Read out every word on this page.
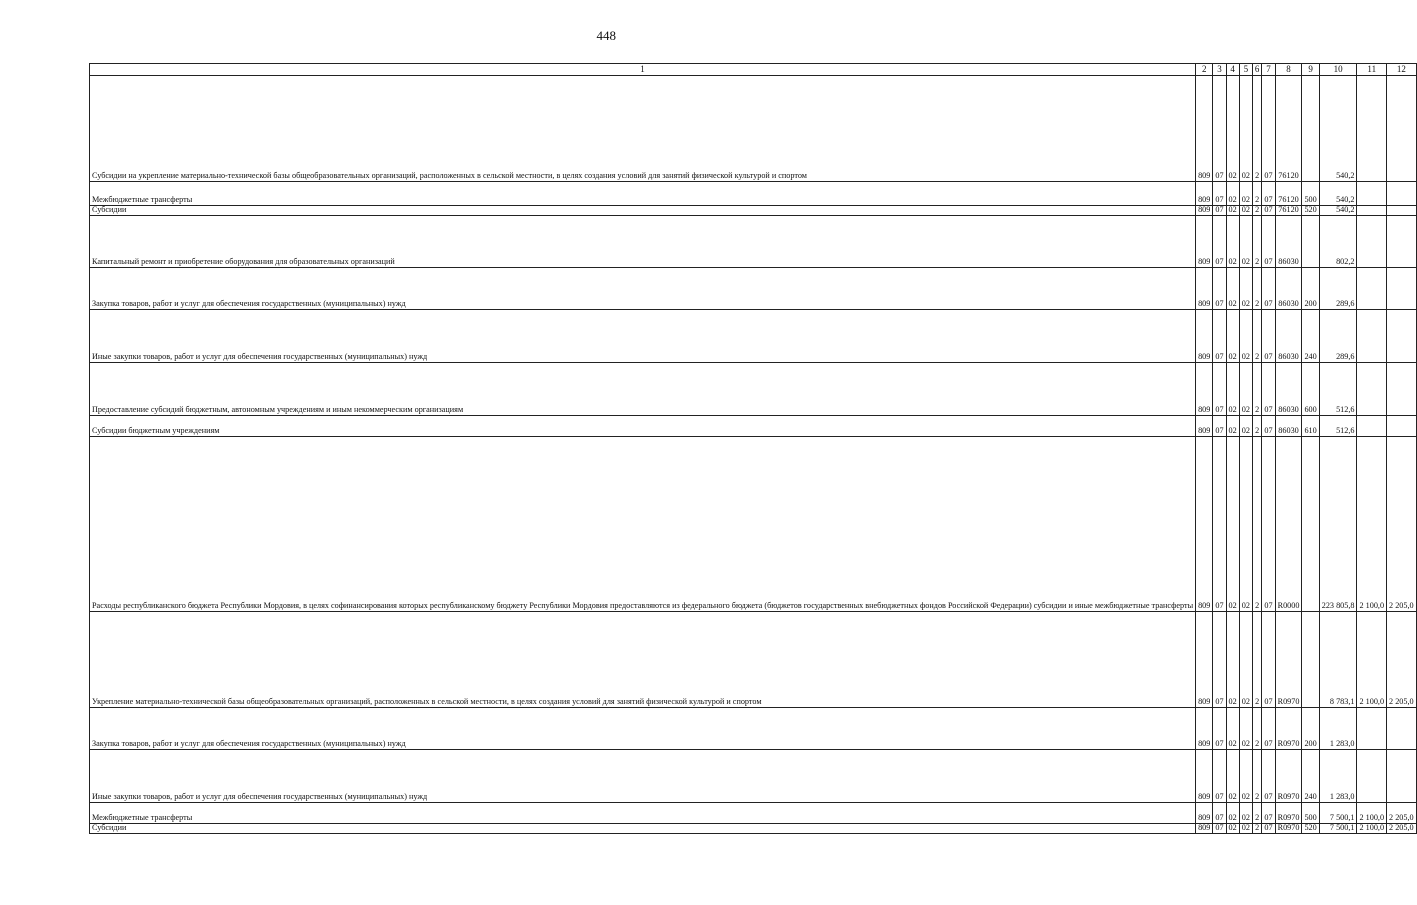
448
1	2	3	4	5	6	7	8	9	10	11	12
Субсидии на укрепление материально-технической базы общеобразовательных организаций, расположенных в сельской местности, в целях создания условий для занятий физической культурой и спортом	809	07	02	02	2	07	76120		540,2		
Межбюджетные трансферты	809	07	02	02	2	07	76120	500	540,2		
Субсидии	809	07	02	02	2	07	76120	520	540,2		
Капитальный ремонт и приобретение оборудования для образовательных организаций	809	07	02	02	2	07	86030		802,2		
Закупка товаров, работ и услуг для обеспечения государственных (муниципальных) нужд	809	07	02	02	2	07	86030	200	289,6		
Иные закупки товаров, работ и услуг для обеспечения государственных (муниципальных) нужд	809	07	02	02	2	07	86030	240	289,6		
Предоставление субсидий бюджетным, автономным учреждениям и иным некоммерческим организациям	809	07	02	02	2	07	86030	600	512,6		
Субсидии бюджетным учреждениям	809	07	02	02	2	07	86030	610	512,6		
Расходы республиканского бюджета Республики Мордовия, в целях софинансирования которых республиканскому бюджету Республики Мордовия предоставляются из федерального бюджета (бюджетов государственных внебюджетных фондов Российской Федерации) субсидии и иные межбюджетные трансферты	809	07	02	02	2	07	R0000		223 805,8	2 100,0	2 205,0
Укрепление материально-технической базы общеобразовательных организаций, расположенных в сельской местности, в целях создания условий для занятий физической культурой и спортом	809	07	02	02	2	07	R0970		8 783,1	2 100,0	2 205,0
Закупка товаров, работ и услуг для обеспечения государственных (муниципальных) нужд	809	07	02	02	2	07	R0970	200	1 283,0		
Иные закупки товаров, работ и услуг для обеспечения государственных (муниципальных) нужд	809	07	02	02	2	07	R0970	240	1 283,0		
Межбюджетные трансферты	809	07	02	02	2	07	R0970	500	7 500,1	2 100,0	2 205,0
Субсидии	809	07	02	02	2	07	R0970	520	7 500,1	2 100,0	2 205,0
